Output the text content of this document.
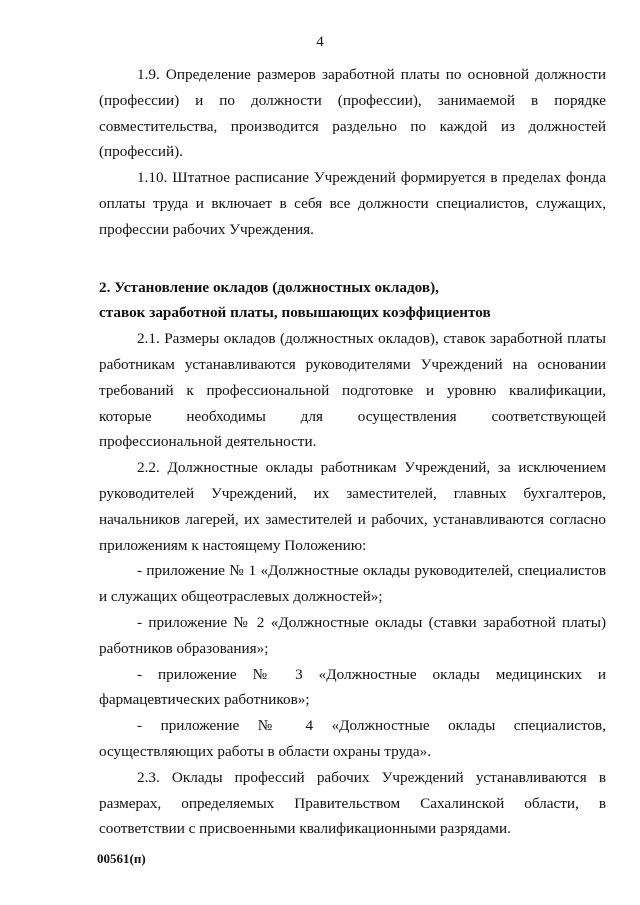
4

1.9. Определение размеров заработной платы по основной должности (профессии) и по должности (профессии), занимаемой в порядке совместительства, производится раздельно по каждой из должностей (профессий).

1.10. Штатное расписание Учреждений формируется в пределах фонда оплаты труда и включает в себя все должности специалистов, служащих, профессии рабочих Учреждения.

2. Установление окладов (должностных окладов),

ставок заработной платы, повышающих коэффициентов

2.1. Размеры окладов (должностных окладов), ставок заработной платы работникам устанавливаются руководителями Учреждений на основании требований к профессиональной подготовке и уровню квалификации, которые необходимы для осуществления соответствующей профессиональной деятельности.

2.2. Должностные оклады работникам Учреждений, за исключением руководителей Учреждений, их заместителей, главных бухгалтеров, начальников лагерей, их заместителей и рабочих, устанавливаются согласно приложениям к настоящему Положению:

- приложение № 1 «Должностные оклады руководителей, специалистов и служащих общеотраслевых должностей»;

- приложение № 2 «Должностные оклады (ставки заработной платы) работников образования»;

- приложение № 3 «Должностные оклады медицинских и фармацевтических работников»;

- приложение № 4 «Должностные оклады специалистов, осуществляющих работы в области охраны труда».

2.3. Оклады профессий рабочих Учреждений устанавливаются в размерах, определяемых Правительством Сахалинской области, в соответствии с присвоенными квалификационными разрядами.

00561(п)
